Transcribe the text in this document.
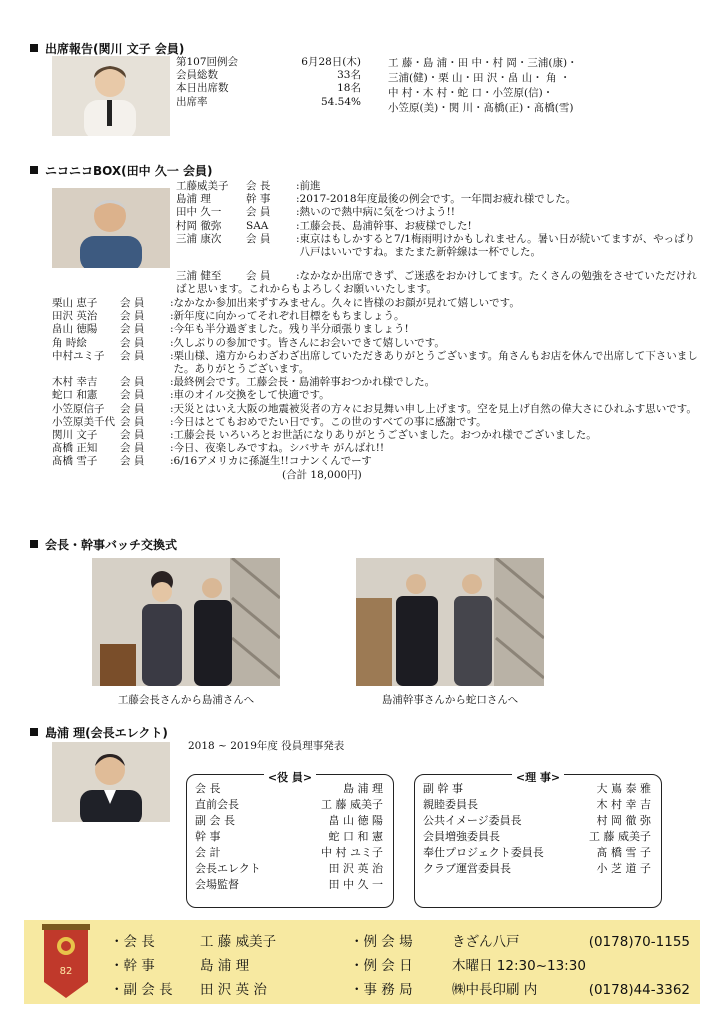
出席報告(関川 文子 会員)
第107回例会	6月28日(木)
会員総数	33名
本日出席数	18名
出席率	54.54%
工 藤・島 浦・田 中・村 岡・三浦(康)・
三浦(健)・栗 山・田 沢・畠 山・ 角 ・
中 村・木 村・蛇 口・小笠原(信)・
小笠原(美)・関 川・髙橋(正)・髙橋(雪)
ニコニコBOX(田中 久一 会員)
工藤威美子	会 長	: 前進
島浦 理	幹 事	: 2017-2018年度最後の例会です。一年間お疲れ様でした。
田中 久一	会 員	: 熱いので熱中病に気をつけよう!!
村岡 徹弥	SAA	: 工藤会長、島浦幹事、お疲様でした!
三浦 康次	会 員	: 東京はもしかすると7/1梅雨明けかもしれません。暑い日が続いてますが、やっぱり八戸はいいですね。またまた新幹線は一杯でした。
三浦 健至 会 員 :なかなか出席できず、ご迷惑をおかけしてます。たくさんの勉強をさせていただければと思います。これからもよろしくお願いいたします。
栗山 恵子	会 員	: なかなか参加出来ずすみません。久々に皆様のお顔が見れて嬉しいです。
田沢 英治	会 員	: 新年度に向かってそれぞれ目標をもちましょう。
畠山 徳陽	会 員	: 今年も半分過ぎました。残り半分頑張りましょう!
角 時絵	会 員	: 久しぶりの参加です。皆さんにお会いできて嬉しいです。
中村ユミ子	会 員	: 栗山様、遠方からわざわざ出席していただきありがとうございます。角さんもお店を休んで出席して下さいました。ありがとうございます。
木村 幸吉	会 員	: 最終例会です。工藤会長・島浦幹事おつかれ様でした。
蛇口 和憲	会 員	: 車のオイル交換をして快適です。
小笠原信子	会 員	: 天災とはいえ大阪の地震被災者の方々にお見舞い申し上げます。空を見上げ自然の偉大さにひれふす思いです。
小笠原美千代 会 員	: 今日はとてもおめでたい日です。この世のすべての事に感謝です。
関川 文子	会 員	: 工藤会長 いろいろとお世話になりありがとうございました。おつかれ様でございました。
髙橋 正知	会 員	: 今日、夜楽しみですね。シバサキ がんばれ!!
髙橋 雪子	会 員	: 6/16アメリカに孫誕生!!コナンくんでーす
(合計 18,000円)
会長・幹事バッチ交換式
工藤会長さんから島浦さんへ	島浦幹事さんから蛇口さんへ
島浦 理(会長エレクト)
2018 ~ 2019年度 役員理事発表
<役 員>
会 長	島 浦 理
直前会長	工 藤 威美子
副 会 長	畠 山 徳 陽
幹 事	蛇 口 和 憲
会 計	中 村 ユミ子
会長エレクト	田 沢 英 治
会場監督	田 中 久 一
<理 事>
副 幹 事	大 嶌 泰 雅
親睦委員長	木 村 幸 吉
公共イメージ委員長	村 岡 徹 弥
会員増強委員長	工 藤 威美子
奉仕プロジェクト委員長	髙 橋 雪 子
クラブ運営委員長	小 芝 道 子
82
・会 長	工 藤 威美子	・例 会 場	きざん八戸	(0178)70-1155
・幹 事	島 浦 理	・例 会 日	木曜日 12:30~13:30
・副 会 長	田 沢 英 治	・事 務 局	㈱中長印刷 内	(0178)44-3362
